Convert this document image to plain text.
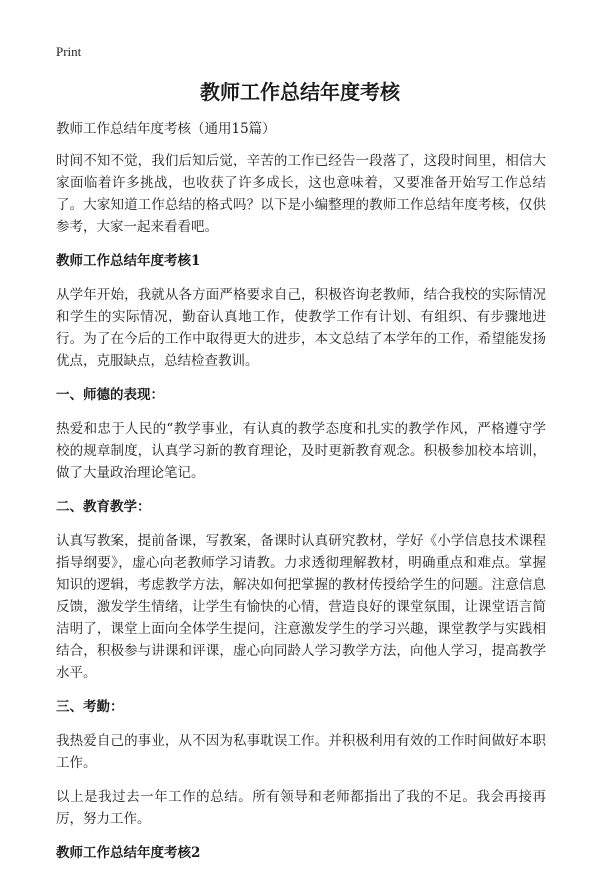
Print
教师工作总结年度考核

教师工作总结年度考核（通用15篇）

时间不知不觉，我们后知后觉，辛苦的工作已经告一段落了，这段时间里，相信大家面临着许多挑战，也收获了许多成长，这也意味着，又要准备开始写工作总结了。大家知道工作总结的格式吗？以下是小编整理的教师工作总结年度考核，仅供参考，大家一起来看看吧。

教师工作总结年度考核1

从学年开始，我就从各方面严格要求自己，积极咨询老教师，结合我校的实际情况和学生的实际情况，勤奋认真地工作，使教学工作有计划、有组织、有步骤地进行。为了在今后的工作中取得更大的进步，本文总结了本学年的工作，希望能发扬优点，克服缺点，总结检查教训。

一、师德的表现：

热爱和忠于人民的“教学事业，有认真的教学态度和扎实的教学作风，严格遵守学校的规章制度，认真学习新的教育理论，及时更新教育观念。积极参加校本培训，做了大量政治理论笔记。

二、教育教学：

认真写教案，提前备课，写教案，备课时认真研究教材，学好《小学信息技术课程指导纲要》，虚心向老教师学习请教。力求透彻理解教材，明确重点和难点。掌握知识的逻辑，考虑教学方法，解决如何把掌握的教材传授给学生的问题。注意信息反馈，激发学生情绪，让学生有愉快的心情，营造良好的课堂氛围，让课堂语言简洁明了，课堂上面向全体学生提问，注意激发学生的学习兴趣，课堂教学与实践相结合，积极参与讲课和评课，虚心向同龄人学习教学方法，向他人学习，提高教学水平。

三、考勤：

我热爱自己的事业，从不因为私事耽误工作。并积极利用有效的工作时间做好本职工作。

以上是我过去一年工作的总结。所有领导和老师都指出了我的不足。我会再接再厉，努力工作。

教师工作总结年度考核2
